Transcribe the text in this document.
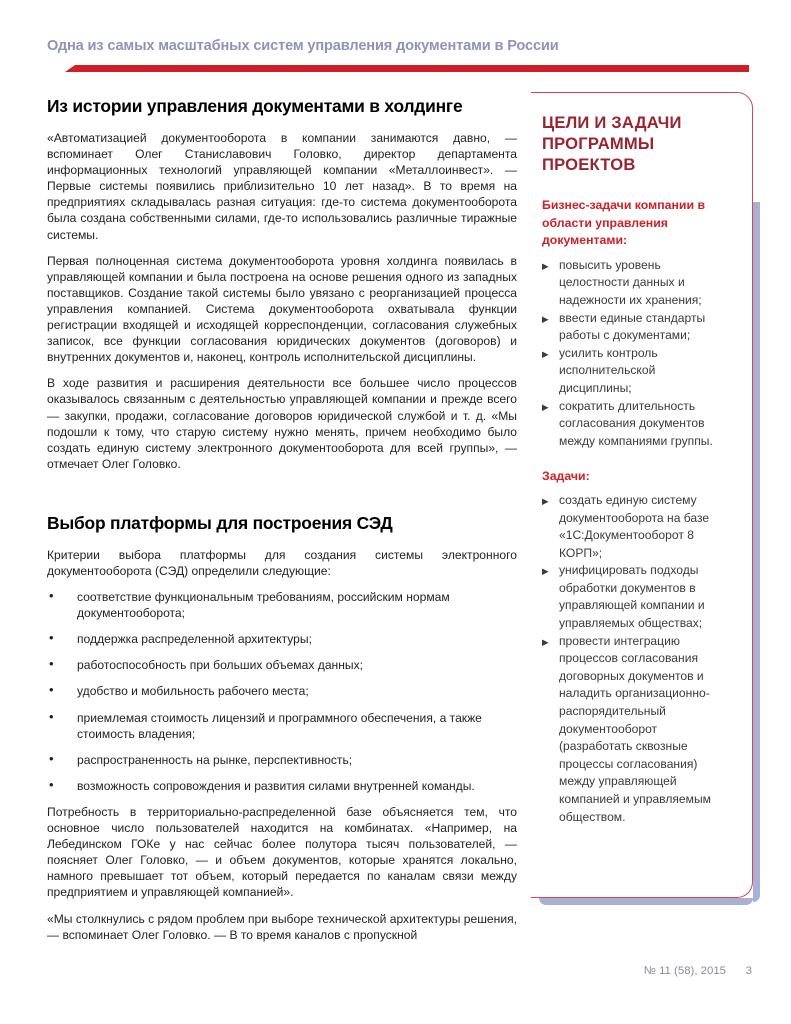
Одна из самых масштабных систем управления документами в России
Из истории управления документами в холдинге

«Автоматизацией документооборота в компании занимаются давно, — вспоминает Олег Станиславович Головко, директор департамента информационных технологий управляющей компании «Металлоинвест». — Первые системы появились приблизительно 10 лет назад». В то время на предприятиях складывалась разная ситуация: где-то система документооборота была создана собственными силами, где-то использовались различные тиражные системы.

Первая полноценная система документооборота уровня холдинга появилась в управляющей компании и была построена на основе решения одного из западных поставщиков. Создание такой системы было увязано с реорганизацией процесса управления компанией. Система документооборота охватывала функции регистрации входящей и исходящей корреспонденции, согласования служебных записок, все функции согласования юридических документов (договоров) и внутренних документов и, наконец, контроль исполнительской дисциплины.

В ходе развития и расширения деятельности все большее число процессов оказывалось связанным с деятельностью управляющей компании и прежде всего — закупки, продажи, согласование договоров юридической службой и т. д. «Мы подошли к тому, что старую систему нужно менять, причем необходимо было создать единую систему электронного документооборота для всей группы», — отмечает Олег Головко.

Выбор платформы для построения СЭД

Критерии выбора платформы для создания системы электронного документооборота (СЭД) определили следующие:

• соответствие функциональным требованиям, российским нормам документооборота;
• поддержка распределенной архитектуры;
• работоспособность при больших объемах данных;
• удобство и мобильность рабочего места;
• приемлемая стоимость лицензий и программного обеспечения, а также стоимость владения;
• распространенность на рынке, перспективность;
• возможность сопровождения и развития силами внутренней команды.

Потребность в территориально-распределенной базе объясняется тем, что основное число пользователей находится на комбинатах. «Например, на Лебединском ГОКе у нас сейчас более полутора тысяч пользователей, — поясняет Олег Головко, — и объем документов, которые хранятся локально, намного превышает тот объем, который передается по каналам связи между предприятием и управляющей компанией».

«Мы столкнулись с рядом проблем при выборе технической архитектуры решения, — вспоминает Олег Головко. — В то время каналов с пропускной

ЦЕЛИ И ЗАДАЧИ ПРОГРАММЫ ПРОЕКТОВ

Бизнес-задачи компании в области управления документами:

▶ повысить уровень целостности данных и надежности их хранения;
▶ ввести единые стандарты работы с документами;
▶ усилить контроль исполнительской дисциплины;
▶ сократить длительность согласования документов между компаниями группы.

Задачи:

▶ создать единую систему документооборота на базе «1С:Документооборот 8 КОРП»;
▶ унифицировать подходы обработки документов в управляющей компании и управляемых обществах;
▶ провести интеграцию процессов согласования договорных документов и наладить организационно-распорядительный документооборот (разработать сквозные процессы согласования) между управляющей компанией и управляемым обществом.
№ 11 (58), 2015 3
